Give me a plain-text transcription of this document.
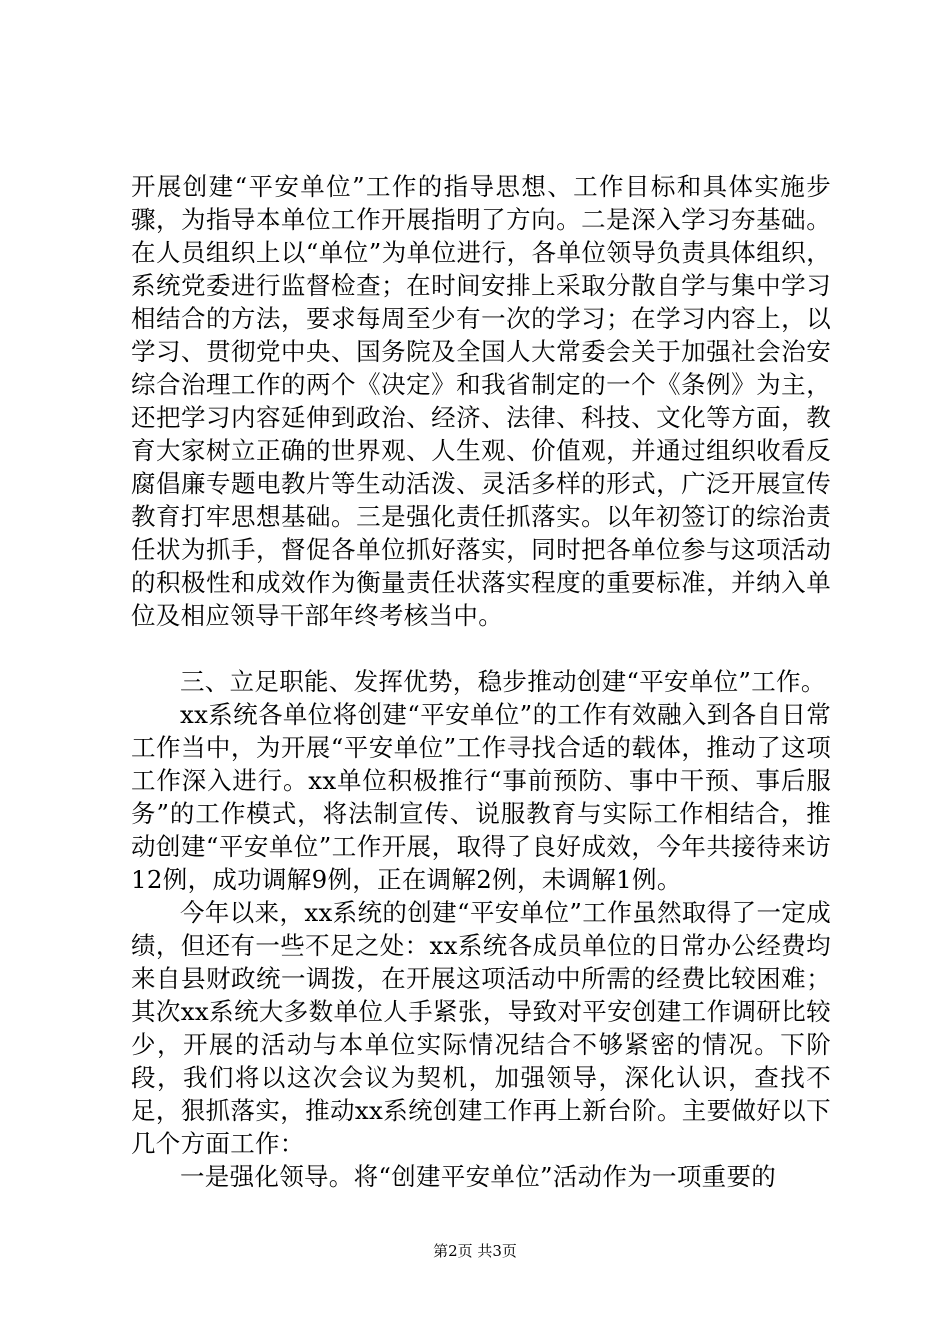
开展创建“平安单位”工作的指导思想、工作目标和具体实施步骤，为指导本单位工作开展指明了方向。二是深入学习夯基础。在人员组织上以“单位”为单位进行，各单位领导负责具体组织，系统党委进行监督检查；在时间安排上采取分散自学与集中学习相结合的方法，要求每周至少有一次的学习；在学习内容上，以学习、贯彻党中央、国务院及全国人大常委会关于加强社会治安综合治理工作的两个《决定》和我省制定的一个《条例》为主，还把学习内容延伸到政治、经济、法律、科技、文化等方面，教育大家树立正确的世界观、人生观、价值观，并通过组织收看反腐倡廉专题电教片等生动活泼、灵活多样的形式，广泛开展宣传教育打牢思想基础。三是强化责任抓落实。以年初签订的综治责任状为抓手，督促各单位抓好落实，同时把各单位参与这项活动的积极性和成效作为衡量责任状落实程度的重要标准，并纳入单位及相应领导干部年终考核当中。

三、立足职能、发挥优势，稳步推动创建“平安单位”工作。

xx系统各单位将创建“平安单位”的工作有效融入到各自日常工作当中，为开展“平安单位”工作寻找合适的载体，推动了这项工作深入进行。xx单位积极推行“事前预防、事中干预、事后服务”的工作模式，将法制宣传、说服教育与实际工作相结合，推动创建“平安单位”工作开展，取得了良好成效，今年共接待来访12例，成功调解9例，正在调解2例，未调解1例。

今年以来，xx系统的创建“平安单位”工作虽然取得了一定成绩，但还有一些不足之处：xx系统各成员单位的日常办公经费均来自县财政统一调拨，在开展这项活动中所需的经费比较困难；其次xx系统大多数单位人手紧张，导致对平安创建工作调研比较少，开展的活动与本单位实际情况结合不够紧密的情况。下阶段，我们将以这次会议为契机，加强领导，深化认识，查找不足，狠抓落实，推动xx系统创建工作再上新台阶。主要做好以下几个方面工作：

一是强化领导。将“创建平安单位”活动作为一项重要的

第2页 共3页
